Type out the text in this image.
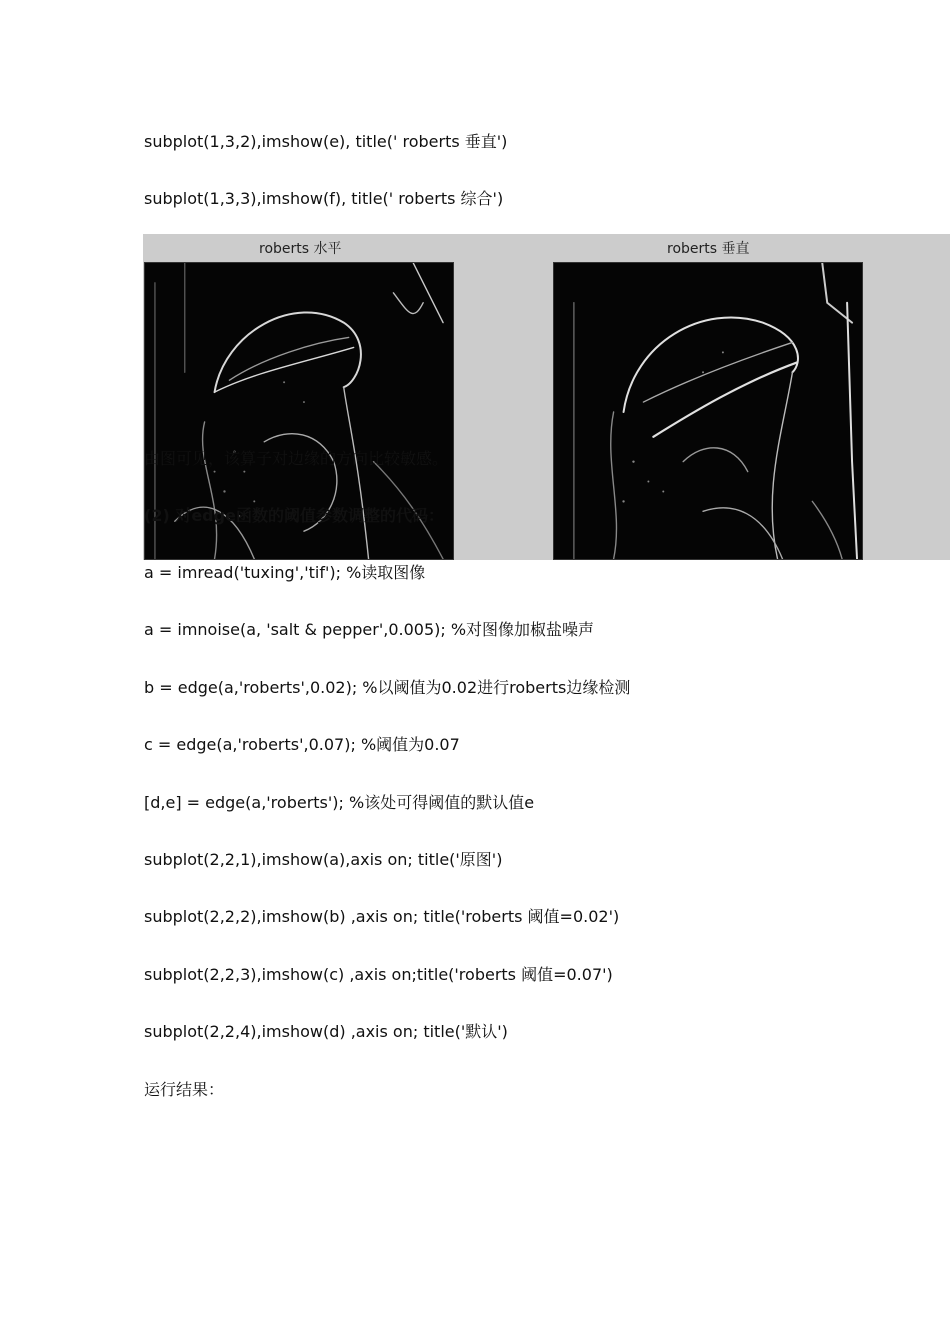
subplot(1,3,2),imshow(e), title(' roberts 垂直')
subplot(1,3,3),imshow(f), title(' roberts 综合')
roberts 水平	roberts 垂直
由图可见，该算子对边缘的方向比较敏感。
(2) 对edge函数的阈值参数调整的代码：
a = imread('tuxing','tif'); %读取图像
a = imnoise(a, 'salt & pepper',0.005); %对图像加椒盐噪声
b = edge(a,'roberts',0.02); %以阈值为0.02进行roberts边缘检测
c = edge(a,'roberts',0.07); %阈值为0.07
[d,e] = edge(a,'roberts'); %该处可得阈值的默认值e
subplot(2,2,1),imshow(a),axis on; title('原图')
subplot(2,2,2),imshow(b) ,axis on; title('roberts 阈值=0.02')
subplot(2,2,3),imshow(c) ,axis on;title('roberts 阈值=0.07')
subplot(2,2,4),imshow(d) ,axis on; title('默认')
运行结果：
